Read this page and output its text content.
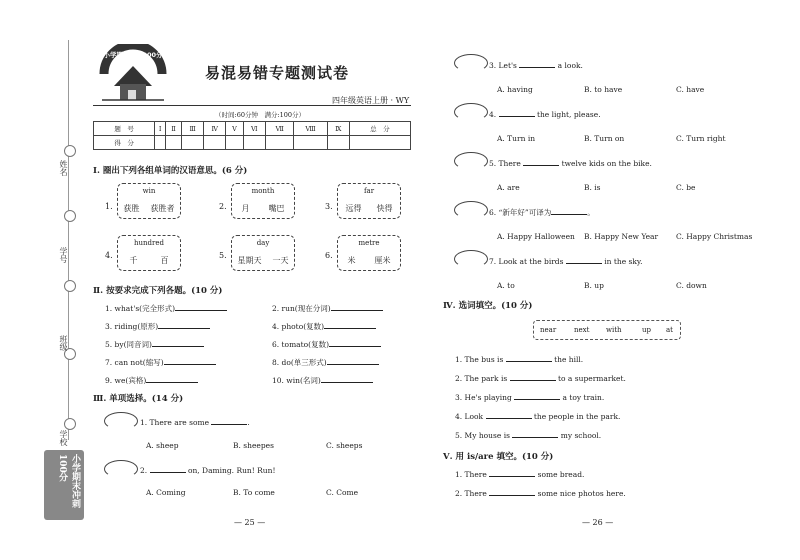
姓名
学号
班级
学校
小学期末冲刺100分
小学期末冲刺100分
易混易错专题测试卷
四年级英语上册 · WY
（时间:60分钟　满分:100分）
题　号	Ⅰ	Ⅱ	Ⅲ	Ⅳ	Ⅴ	Ⅵ	Ⅶ	Ⅷ	Ⅸ	总　分
得　分										
Ⅰ. 圈出下列各组单词的汉语意思。(6 分)
1.
win
获胜 获胜者	2.
month
月 嘴巴	3.
far
远得 快得
4.
hundred
千	百
5.
day
星期天 一天
6.
metre
米 厘米
Ⅱ. 按要求完成下列各题。(10 分)
1. what's(完全形式)	2. run(现在分词)
3. riding(原形)	4. photo(复数)
5. by(同音词)	6. tomato(复数)
7. can not(缩写)	8. do(单三形式)
9. we(宾格)	10. win(名词)
Ⅲ. 单项选择。(14 分)
1. There are some	.
A. sheep	B. sheepes	C. sheeps
2.	on, Daming. Run! Run!
A. Coming	B. To come	C. Come
— 25 —
3. Let's	a look.
A. having	B. to have	C. have
4.	the light, please.
A. Turn in	B. Turn on	C. Turn right
5. There	twelve kids on the bike.
A. are	B. is	C. be
6. “新年好”可译为	。
A. Happy Halloween B. Happy New Year C. Happy Christmas
7. Look at the birds	in the sky.
A. to	B. up	C. down
Ⅳ. 选词填空。(10 分)
near	next with	up at
1. The bus is	the hill.
2. The park is	to a supermarket.
3. He's playing	a toy train.
4. Look	the people in the park.
5. My house is	my school.
Ⅴ. 用 is/are 填空。(10 分)
1. There	some bread.
2. There	some nice photos here.
— 26 —
